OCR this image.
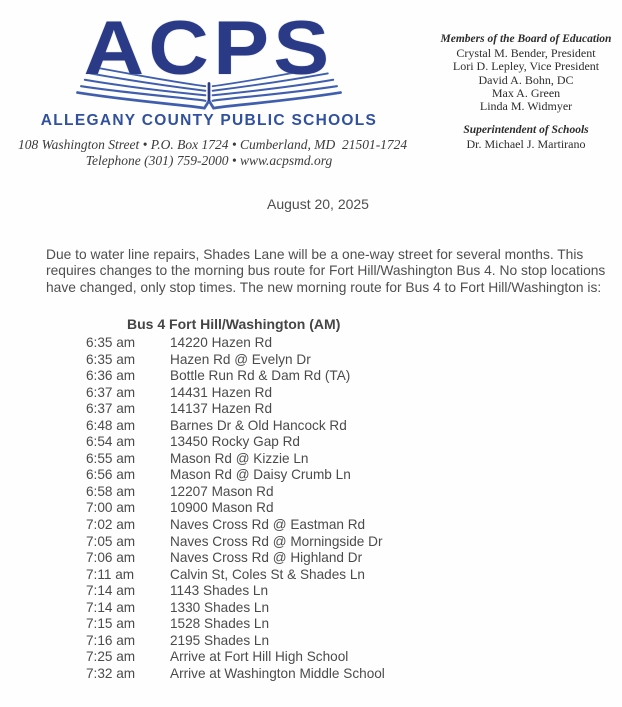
ACPS
ALLEGANY COUNTY PUBLIC SCHOOLS
108 Washington Street • P.O. Box 1724 • Cumberland, MD  21501-1724
Telephone (301) 759-2000 • www.acpsmd.org
Members of the Board of Education
Crystal M. Bender, President
Lori D. Lepley, Vice President
David A. Bohn, DC
Max A. Green
Linda M. Widmyer
Superintendent of Schools
Dr. Michael J. Martirano
August 20, 2025
Due to water line repairs, Shades Lane will be a one-way street for several months. This
requires changes to the morning bus route for Fort Hill/Washington Bus 4. No stop locations
have changed, only stop times. The new morning route for Bus 4 to Fort Hill/Washington is:
Bus 4 Fort Hill/Washington (AM)
6:35 am	14220 Hazen Rd
6:35 am	Hazen Rd @ Evelyn Dr
6:36 am	Bottle Run Rd & Dam Rd (TA)
6:37 am	14431 Hazen Rd
6:37 am	14137 Hazen Rd
6:48 am	Barnes Dr & Old Hancock Rd
6:54 am	13450 Rocky Gap Rd
6:55 am	Mason Rd @ Kizzie Ln
6:56 am	Mason Rd @ Daisy Crumb Ln
6:58 am	12207 Mason Rd
7:00 am	10900 Mason Rd
7:02 am	Naves Cross Rd @ Eastman Rd
7:05 am	Naves Cross Rd @ Morningside Dr
7:06 am	Naves Cross Rd @ Highland Dr
7:11 am	Calvin St, Coles St & Shades Ln
7:14 am	1143 Shades Ln
7:14 am	1330 Shades Ln
7:15 am	1528 Shades Ln
7:16 am	2195 Shades Ln
7:25 am	Arrive at Fort Hill High School
7:32 am	Arrive at Washington Middle School
